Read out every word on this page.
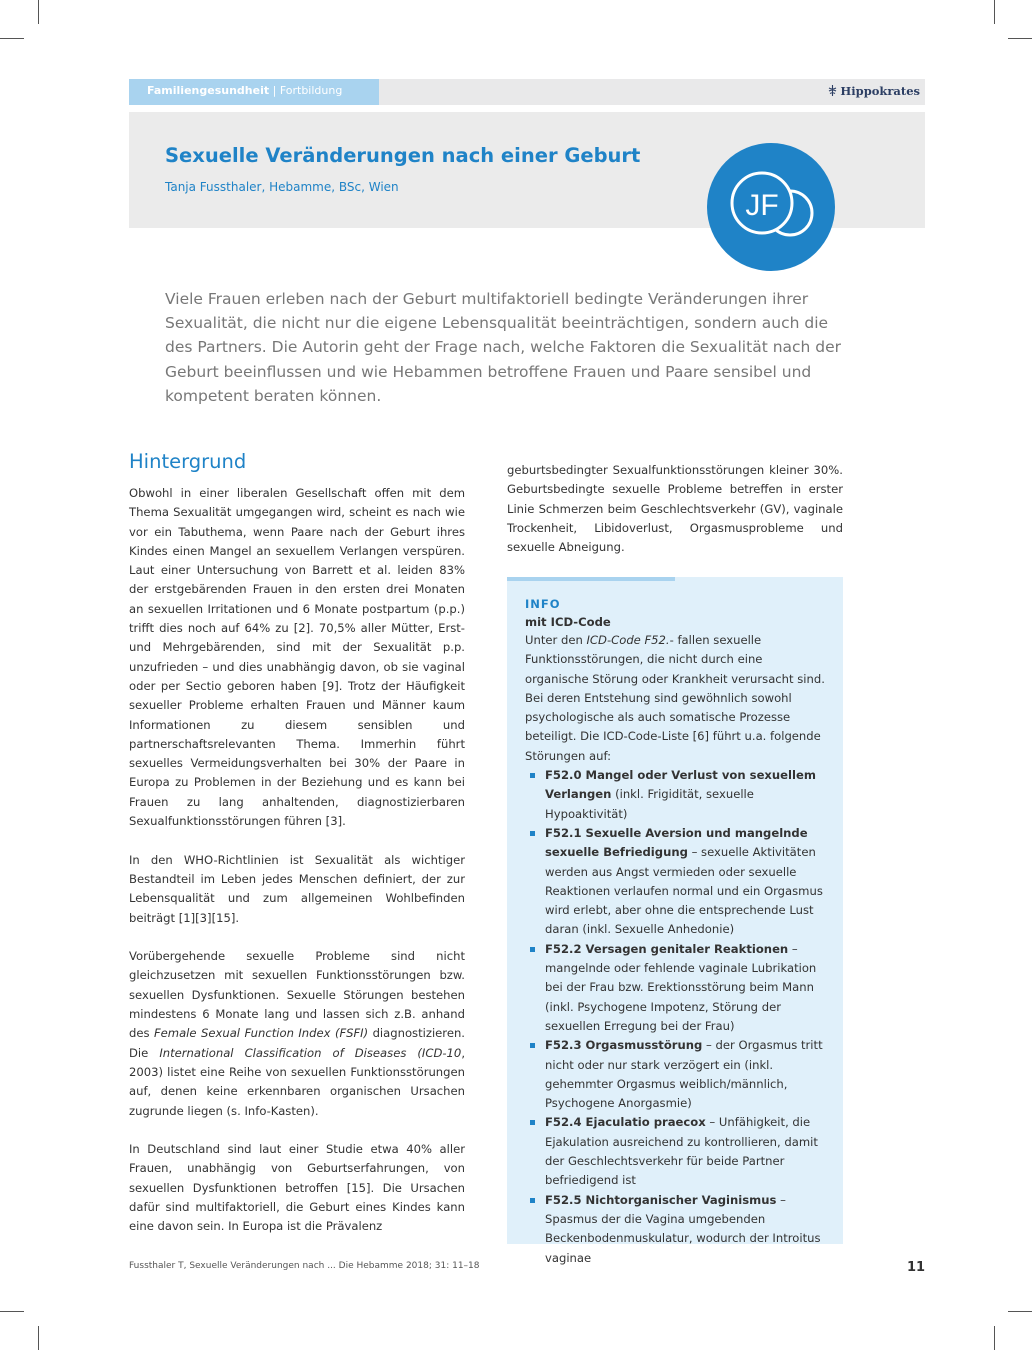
Familiengesundheit | Fortbildung	Hippokrates
Sexuelle Veränderungen nach einer Geburt
Tanja Fussthaler, Hebamme, BSc, Wien
JF
Viele Frauen erleben nach der Geburt multifaktoriell bedingte Veränderungen ihrer Sexualität, die nicht nur die eigene Lebensqualität beeinträchtigen, sondern auch die des Partners. Die Autorin geht der Frage nach, welche Faktoren die Sexualität nach der Geburt beeinflussen und wie Hebammen betroffene Frauen und Paare sensibel und kompetent beraten können.
Hintergrund

Obwohl in einer liberalen Gesellschaft offen mit dem Thema Sexualität umgegangen wird, scheint es nach wie vor ein Tabuthema, wenn Paare nach der Geburt ihres Kindes einen Mangel an sexuellem Verlangen verspüren. Laut einer Untersuchung von Barrett et al. leiden 83% der erstgebärenden Frauen in den ersten drei Monaten an sexuellen Irritationen und 6 Monate postpartum (p.p.) trifft dies noch auf 64% zu [2]. 70,5% aller Mütter, Erst- und Mehrgebärenden, sind mit der Sexualität p.p. unzufrieden – und dies unabhängig davon, ob sie vaginal oder per Sectio geboren haben [9]. Trotz der Häufigkeit sexueller Probleme erhalten Frauen und Männer kaum Informationen zu diesem sensiblen und partnerschaftsrelevanten Thema. Immerhin führt sexuelles Vermeidungsverhalten bei 30% der Paare in Europa zu Problemen in der Beziehung und es kann bei Frauen zu lang anhaltenden, diagnostizierbaren Sexualfunktionsstörungen führen [3].

In den WHO-Richtlinien ist Sexualität als wichtiger Bestandteil im Leben jedes Menschen definiert, der zur Lebensqualität und zum allgemeinen Wohlbefinden beiträgt [1][3][15].

Vorübergehende sexuelle Probleme sind nicht gleichzusetzen mit sexuellen Funktionsstörungen bzw. sexuellen Dysfunktionen. Sexuelle Störungen bestehen mindestens 6 Monate lang und lassen sich z.B. anhand des Female Sexual Function Index (FSFI) diagnostizieren. Die International Classification of Diseases (ICD-10, 2003) listet eine Reihe von sexuellen Funktionsstörungen auf, denen keine erkennbaren organischen Ursachen zugrunde liegen (s. Info-Kasten).

In Deutschland sind laut einer Studie etwa 40% aller Frauen, unabhängig von Geburtserfahrungen, von sexuellen Dysfunktionen betroffen [15]. Die Ursachen dafür sind multifaktoriell, die Geburt eines Kindes kann eine davon sein. In Europa ist die Prävalenz

geburtsbedingter Sexualfunktionsstörungen kleiner 30%. Geburtsbedingte sexuelle Probleme betreffen in erster Linie Schmerzen beim Geschlechtsverkehr (GV), vaginale Trockenheit, Libidoverlust, Orgasmusprobleme und sexuelle Abneigung.

INFO
mit ICD-Code

Unter den ICD-Code F52.- fallen sexuelle Funktionsstörungen, die nicht durch eine organische Störung oder Krankheit verursacht sind. Bei deren Entstehung sind gewöhnlich sowohl psychologische als auch somatische Prozesse beteiligt. Die ICD-Code-Liste [6] führt u.a. folgende Störungen auf:

F52.0 Mangel oder Verlust von sexuellem Verlangen (inkl. Frigidität, sexuelle Hypoaktivität)
F52.1 Sexuelle Aversion und mangelnde sexuelle Befriedigung – sexuelle Aktivitäten werden aus Angst vermieden oder sexuelle Reaktionen verlaufen normal und ein Orgasmus wird erlebt, aber ohne die entsprechende Lust daran (inkl. Sexuelle Anhedonie)
F52.2 Versagen genitaler Reaktionen – mangelnde oder fehlende vaginale Lubrikation bei der Frau bzw. Erektionsstörung beim Mann (inkl. Psychogene Impotenz, Störung der sexuellen Erregung bei der Frau)
F52.3 Orgasmusstörung – der Orgasmus tritt nicht oder nur stark verzögert ein (inkl. gehemmter Orgasmus weiblich/männlich, Psychogene Anorgasmie)
F52.4 Ejaculatio praecox – Unfähigkeit, die Ejakulation ausreichend zu kontrollieren, damit der Geschlechtsverkehr für beide Partner befriedigend ist
F52.5 Nichtorganischer Vaginismus – Spasmus der die Vagina umgebenden Beckenbodenmuskulatur, wodurch der Introitus vaginae
Fussthaler T, Sexuelle Veränderungen nach ... Die Hebamme 2018; 31: 11–18	11
